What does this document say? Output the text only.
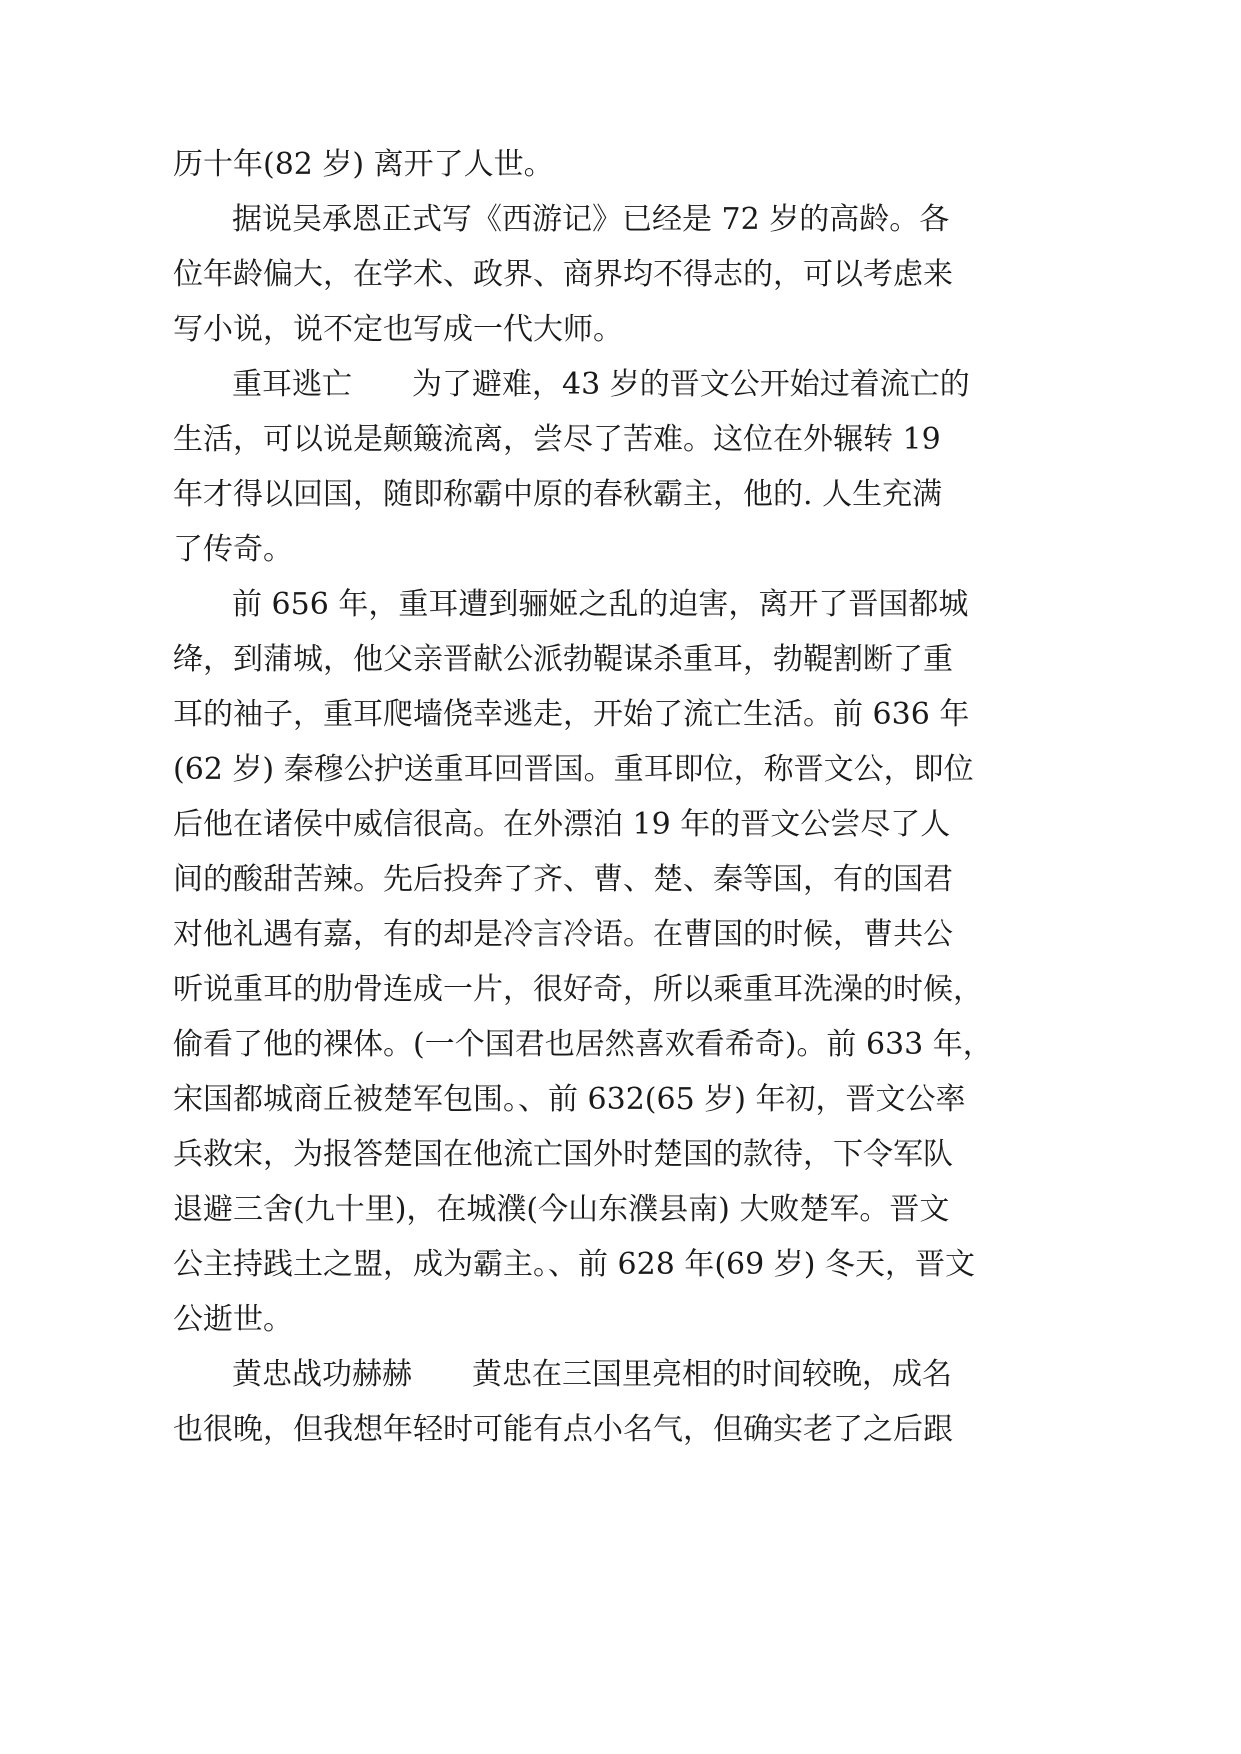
历十年(82 岁) 离开了人世。

据说吴承恩正式写《西游记》已经是 72 岁的高龄。各

位年龄偏大，在学术、政界、商界均不得志的，可以考虑来

写小说，说不定也写成一代大师。

重耳逃亡　　为了避难，43 岁的晋文公开始过着流亡的

生活，可以说是颠簸流离，尝尽了苦难。这位在外辗转 19

年才得以回国，随即称霸中原的春秋霸主，他的. 人生充满

了传奇。

前 656 年，重耳遭到骊姬之乱的迫害，离开了晋国都城

绛，到蒲城，他父亲晋献公派勃鞮谋杀重耳，勃鞮割断了重

耳的袖子，重耳爬墙侥幸逃走，开始了流亡生活。前 636 年

(62 岁) 秦穆公护送重耳回晋国。重耳即位，称晋文公，即位

后他在诸侯中威信很高。在外漂泊 19 年的晋文公尝尽了人

间的酸甜苦辣。先后投奔了齐、曹、楚、秦等国，有的国君

对他礼遇有嘉，有的却是冷言冷语。在曹国的时候，曹共公

听说重耳的肋骨连成一片，很好奇，所以乘重耳洗澡的时候，

偷看了他的裸体。(一个国君也居然喜欢看希奇)。前 633 年，

宋国都城商丘被楚军包围。、前 632(65 岁) 年初，晋文公率

兵救宋，为报答楚国在他流亡国外时楚国的款待，下令军队

退避三舍(九十里)，在城濮(今山东濮县南) 大败楚军。晋文

公主持践土之盟，成为霸主。、前 628 年(69 岁) 冬天，晋文

公逝世。

黄忠战功赫赫　　黄忠在三国里亮相的时间较晚，成名

也很晚，但我想年轻时可能有点小名气，但确实老了之后跟
